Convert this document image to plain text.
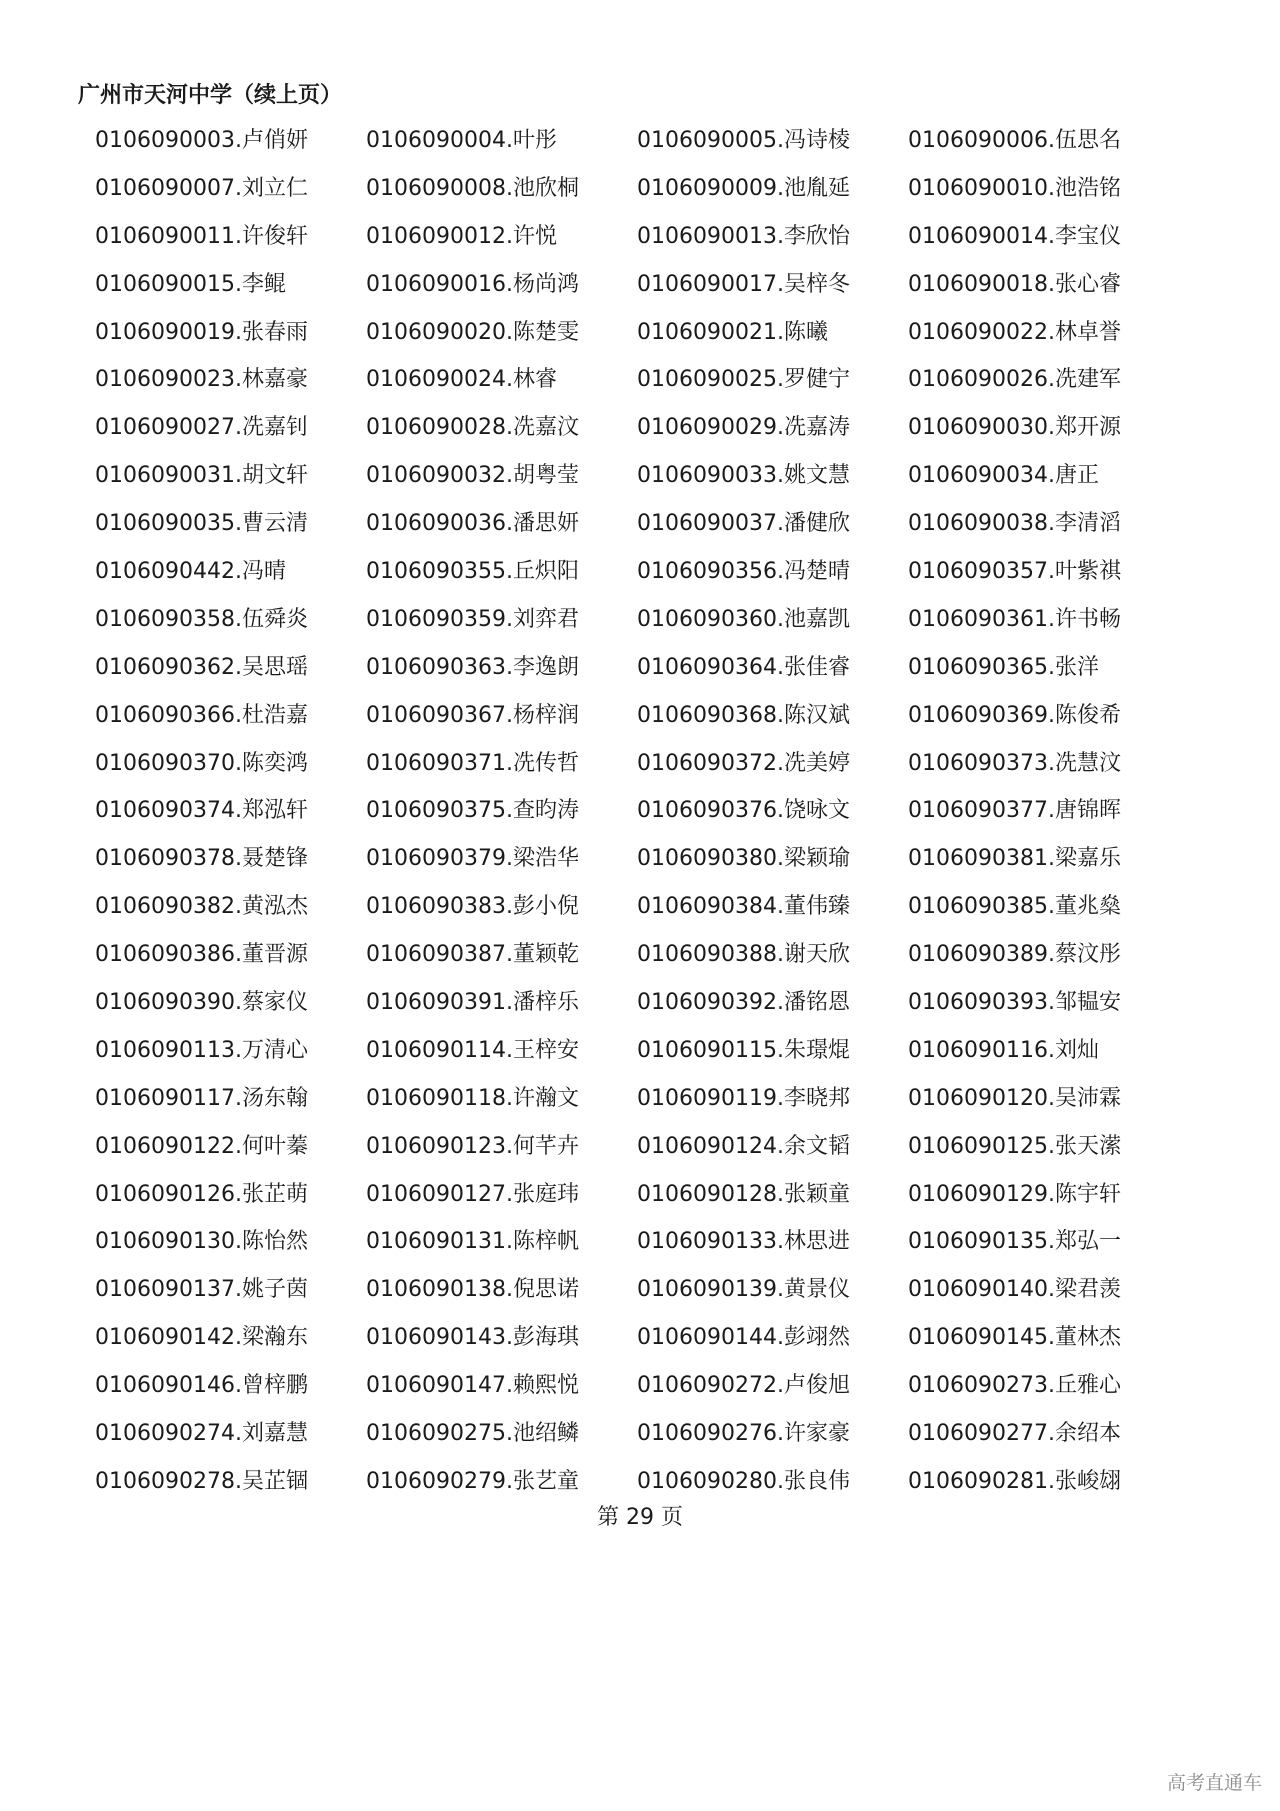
广州市天河中学（续上页）
0106090003.卢俏妍	0106090004.叶彤	0106090005.冯诗棱	0106090006.伍思名
0106090007.刘立仁	0106090008.池欣桐	0106090009.池胤延	0106090010.池浩铭
0106090011.许俊轩	0106090012.许悦	0106090013.李欣怡	0106090014.李宝仪
0106090015.李鲲	0106090016.杨尚鸿	0106090017.吴梓冬	0106090018.张心睿
0106090019.张春雨	0106090020.陈楚雯	0106090021.陈曦	0106090022.林卓誉
0106090023.林嘉豪	0106090024.林睿	0106090025.罗健宁	0106090026.冼建军
0106090027.冼嘉钊	0106090028.冼嘉汶	0106090029.冼嘉涛	0106090030.郑开源
0106090031.胡文轩	0106090032.胡粤莹	0106090033.姚文慧	0106090034.唐正
0106090035.曹云清	0106090036.潘思妍	0106090037.潘健欣	0106090038.李清滔
0106090442.冯晴	0106090355.丘炽阳	0106090356.冯楚晴	0106090357.叶紫祺
0106090358.伍舜炎	0106090359.刘弈君	0106090360.池嘉凯	0106090361.许书畅
0106090362.吴思瑶	0106090363.李逸朗	0106090364.张佳睿	0106090365.张洋
0106090366.杜浩嘉	0106090367.杨梓润	0106090368.陈汉斌	0106090369.陈俊希
0106090370.陈奕鸿	0106090371.冼传哲	0106090372.冼美婷	0106090373.冼慧汶
0106090374.郑泓轩	0106090375.查昀涛	0106090376.饶咏文	0106090377.唐锦晖
0106090378.聂楚锋	0106090379.梁浩华	0106090380.梁颖瑜	0106090381.梁嘉乐
0106090382.黄泓杰	0106090383.彭小倪	0106090384.董伟臻	0106090385.董兆燊
0106090386.董晋源	0106090387.董颖乾	0106090388.谢天欣	0106090389.蔡汶彤
0106090390.蔡家仪	0106090391.潘梓乐	0106090392.潘铭恩	0106090393.邹韫安
0106090113.万清心	0106090114.王梓安	0106090115.朱璟焜	0106090116.刘灿
0106090117.汤东翰	0106090118.许瀚文	0106090119.李晓邦	0106090120.吴沛霖
0106090122.何叶蓁	0106090123.何芊卉	0106090124.余文韬	0106090125.张天潆
0106090126.张芷萌	0106090127.张庭玮	0106090128.张颖童	0106090129.陈宇轩
0106090130.陈怡然	0106090131.陈梓帆	0106090133.林思进	0106090135.郑弘一
0106090137.姚子茵	0106090138.倪思诺	0106090139.黄景仪	0106090140.梁君羡
0106090142.梁瀚东	0106090143.彭海琪	0106090144.彭翊然	0106090145.董林杰
0106090146.曾梓鹏	0106090147.赖熙悦	0106090272.卢俊旭	0106090273.丘雅心
0106090274.刘嘉慧	0106090275.池绍鳞	0106090276.许家豪	0106090277.余绍本
0106090278.吴芷锢	0106090279.张艺童	0106090280.张良伟	0106090281.张峻翃
第 29 页
高考直通车
